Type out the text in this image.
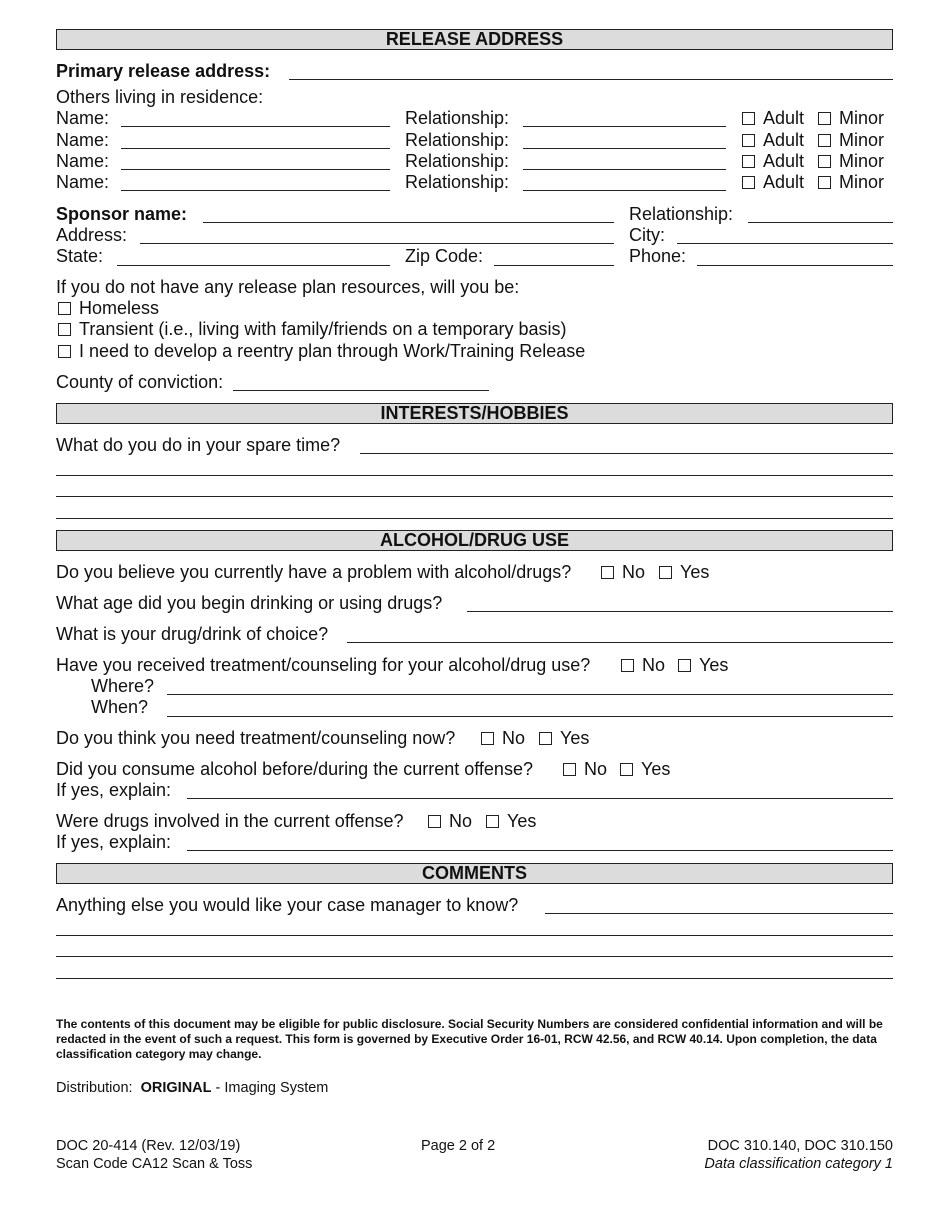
RELEASE ADDRESS
Primary release address:
Others living in residence:
Name:	Relationship:	Adult Minor
Name:	Relationship:	Adult Minor
Name:	Relationship:	Adult Minor
Name:	Relationship:	Adult Minor
Sponsor name:	Relationship:
Address:	City:
State:	Zip Code:	Phone:
If you do not have any release plan resources, will you be:
Homeless
Transient (i.e., living with family/friends on a temporary basis)
I need to develop a reentry plan through Work/Training Release
County of conviction:
INTERESTS/HOBBIES
What do you do in your spare time?
ALCOHOL/DRUG USE
Do you believe you currently have a problem with alcohol/drugs?	No Yes
What age did you begin drinking or using drugs?
What is your drug/drink of choice?
Have you received treatment/counseling for your alcohol/drug use?	No Yes
Where?
When?
Do you think you need treatment/counseling now?	No Yes
Did you consume alcohol before/during the current offense?	No Yes
If yes, explain:
Were drugs involved in the current offense?	No Yes
If yes, explain:
COMMENTS
Anything else you would like your case manager to know?
The contents of this document may be eligible for public disclosure. Social Security Numbers are considered confidential information and will be redacted in the event of such a request. This form is governed by Executive Order 16-01, RCW 42.56, and RCW 40.14. Upon completion, the data classification category may change.
Distribution: ORIGINAL - Imaging System
DOC 20-414 (Rev. 12/03/19)
Scan Code CA12 Scan & Toss
Page 2 of 2	DOC 310.140, DOC 310.150
Data classification category 1
